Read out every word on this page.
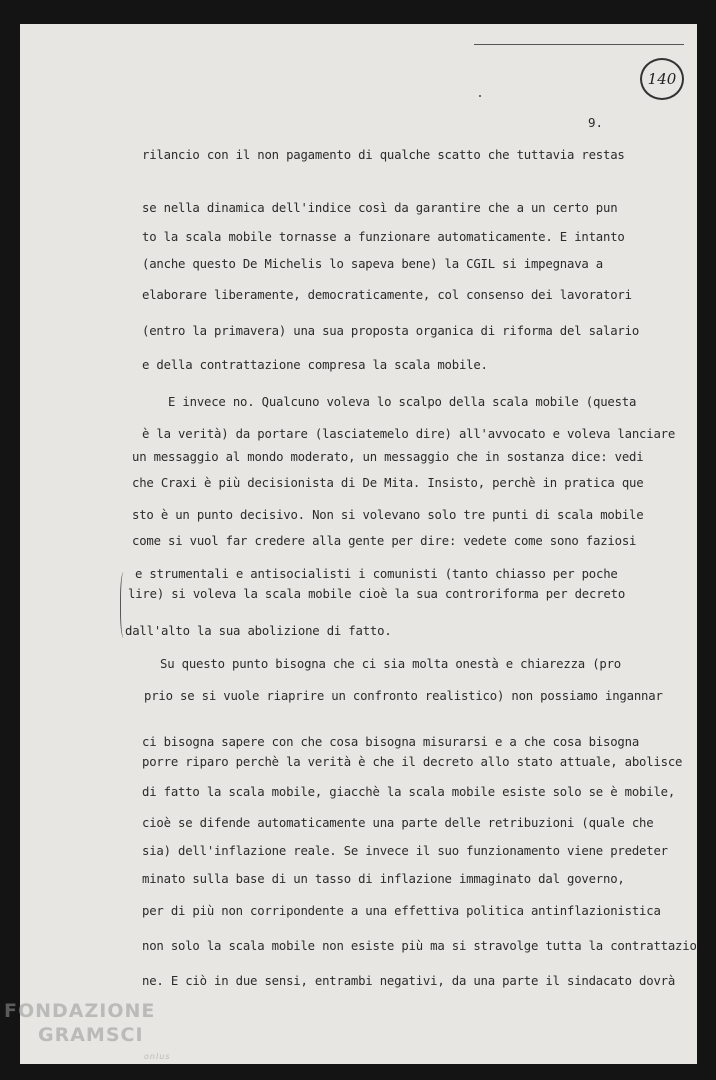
140
9.
rilancio con il non pagamento di qualche scatto che tuttavia restas
se nella dinamica dell'indice così da garantire che a un certo pun
to la scala mobile tornasse a funzionare automaticamente. E intanto
(anche questo De Michelis lo sapeva bene) la CGIL si impegnava a
elaborare liberamente, democraticamente, col consenso dei lavoratori
(entro la primavera) una sua proposta organica di riforma del salario
e della contrattazione compresa la scala mobile.
E invece no. Qualcuno voleva lo scalpo della scala mobile (questa
è la verità) da portare (lasciatemelo dire) all'avvocato e voleva lanciare
un messaggio al mondo moderato, un messaggio che in sostanza dice: vedi
che Craxi è più decisionista di De Mita. Insisto, perchè in pratica que
sto è un punto decisivo. Non si volevano solo tre punti di scala mobile
come si vuol far credere alla gente per dire: vedete come sono faziosi
e strumentali e antisocialisti i comunisti (tanto chiasso per poche
lire) si voleva la scala mobile cioè la sua controriforma per decreto
dall'alto la sua abolizione di fatto.
Su questo punto bisogna che ci sia molta onestà e chiarezza (pro
prio se si vuole riaprire un confronto realistico) non possiamo ingannar
ci bisogna sapere con che cosa bisogna misurarsi e a che cosa bisogna
porre riparo perchè la verità è che il decreto allo stato attuale, abolisce
di fatto la scala mobile, giacchè la scala mobile esiste solo se è mobile,
cioè se difende automaticamente una parte delle retribuzioni (quale che
sia) dell'inflazione reale. Se invece il suo funzionamento viene predeter
minato sulla base di un tasso di inflazione immaginato dal governo,
per di più non corripondente a una effettiva politica antinflazionistica
non solo la scala mobile non esiste più ma si stravolge tutta la contrattazio
ne. E ciò in due sensi, entrambi negativi, da una parte il sindacato dovrà
FONDAZIONE
GRAMSCI
onlus
